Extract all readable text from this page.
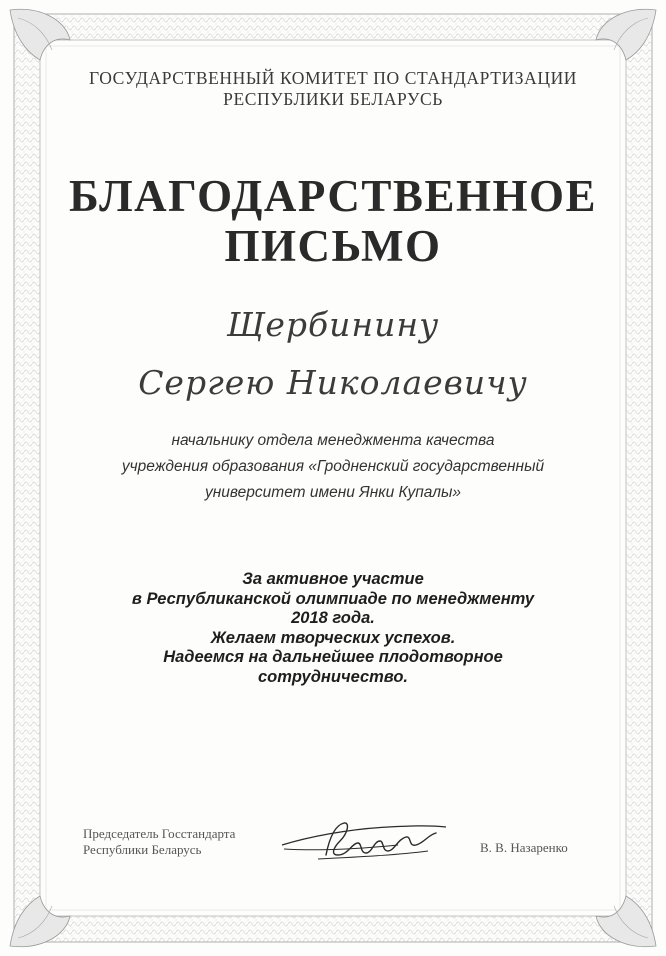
ГОСУДАРСТВЕННЫЙ КОМИТЕТ ПО СТАНДАРТИЗАЦИИ
РЕСПУБЛИКИ БЕЛАРУСЬ
БЛАГОДАРСТВЕННОЕ
ПИСЬМО
Щербинину
Сергею Николаевичу
начальнику отдела менеджмента качества
учреждения образования «Гродненский государственный
университет имени Янки Купалы»
За активное участие
в Республиканской олимпиаде по менеджменту
2018 года.
Желаем творческих успехов.
Надеемся на дальнейшее плодотворное
сотрудничество.
Председатель Госстандарта
Республики Беларусь	В. В. Назаренко
